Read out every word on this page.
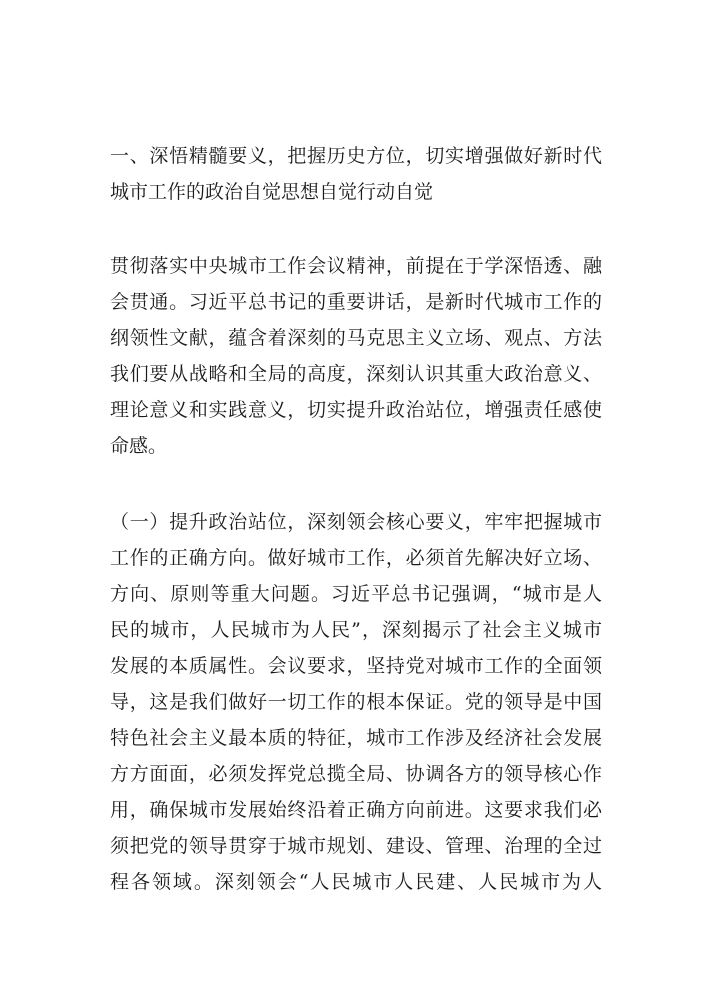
一、深悟精髓要义，把握历史方位，切实增强做好新时代
城市工作的政治自觉思想自觉行动自觉
贯彻落实中央城市工作会议精神，前提在于学深悟透、融
会贯通。习近平总书记的重要讲话，是新时代城市工作的
纲领性文献，蕴含着深刻的马克思主义立场、观点、方法
我们要从战略和全局的高度，深刻认识其重大政治意义、
理论意义和实践意义，切实提升政治站位，增强责任感使
命感。
（一）提升政治站位，深刻领会核心要义，牢牢把握城市
工作的正确方向。做好城市工作，必须首先解决好立场、
方向、原则等重大问题。习近平总书记强调，“城市是人
民的城市，人民城市为人民”，深刻揭示了社会主义城市
发展的本质属性。会议要求，坚持党对城市工作的全面领
导，这是我们做好一切工作的根本保证。党的领导是中国
特色社会主义最本质的特征，城市工作涉及经济社会发展
方方面面，必须发挥党总揽全局、协调各方的领导核心作
用，确保城市发展始终沿着正确方向前进。这要求我们必
须把党的领导贯穿于城市规划、建设、管理、治理的全过
程各领域。深刻领会“人民城市人民建、人民城市为人
